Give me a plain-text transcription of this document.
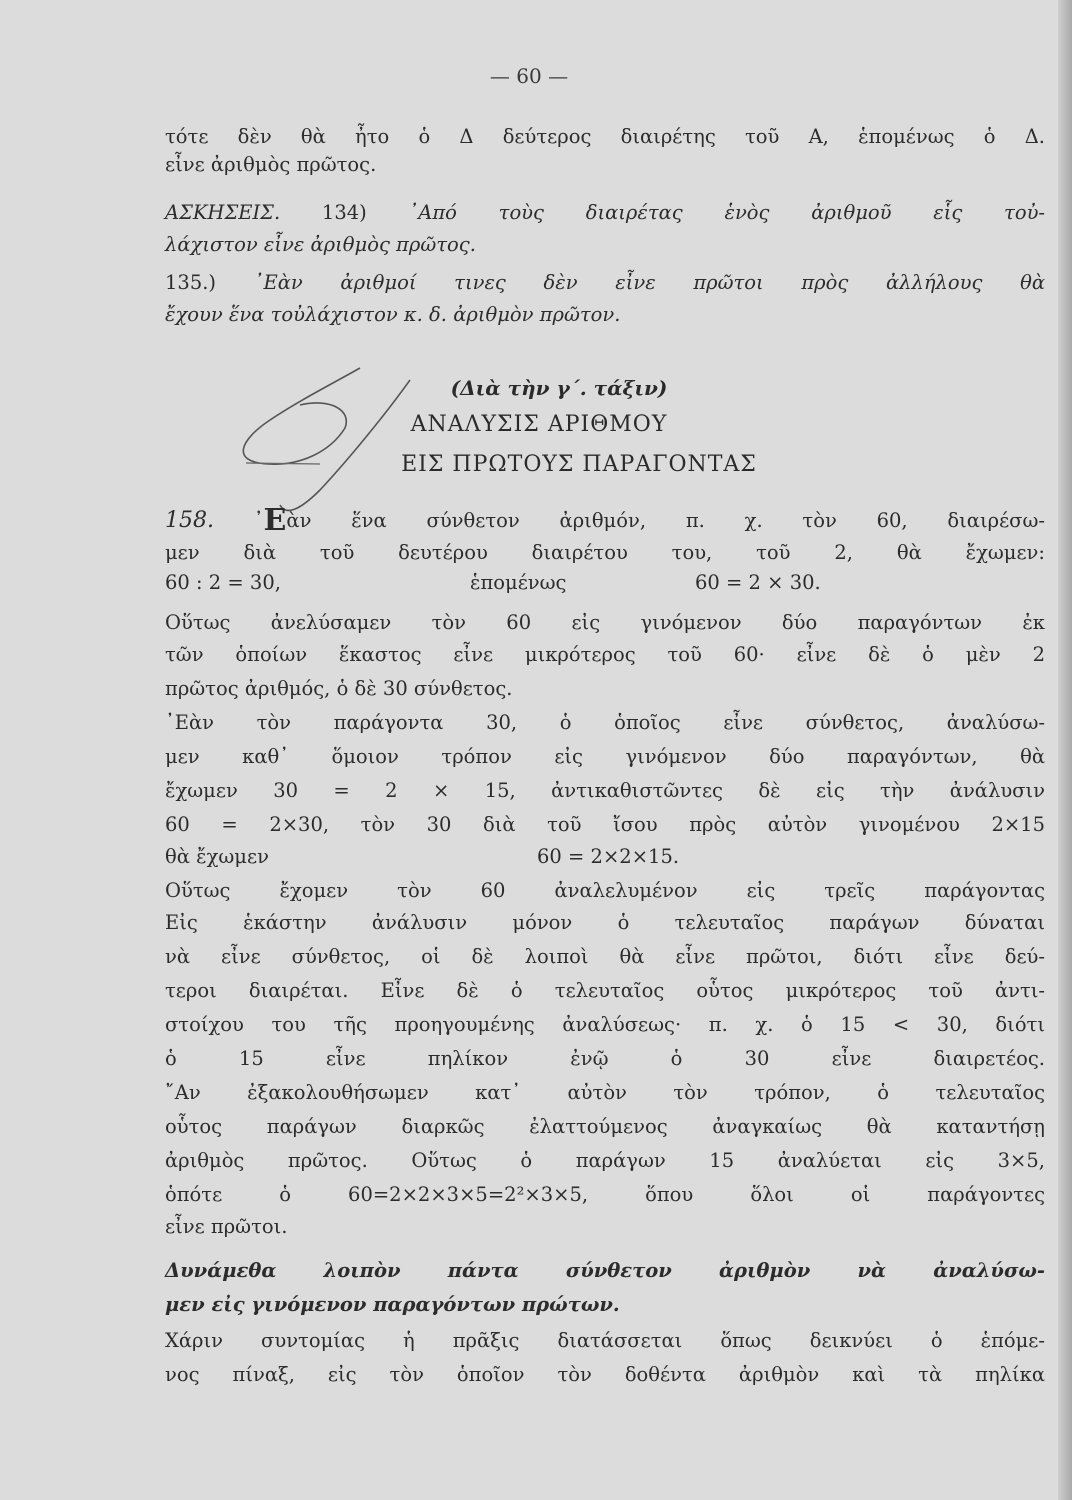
— 60 —
τότε δὲν θὰ ἦτο ὁ Δ δεύτερος διαιρέτης τοῦ Α, ἑπομένως ὁ Δ.
εἶνε ἀριθμὸς πρῶτος.
ΑΣΚΗΣΕΙΣ. 134) ᾿Από τοὺς διαιρέτας ἑνὸς ἀριθμοῦ εἷς τοὐ-
λάχιστον εἶνε ἀριθμὸς πρῶτος.
135.) ᾿Εὰν ἀριθμοί τινες δὲν εἶνε πρῶτοι πρὸς ἀλλήλους θὰ
ἔχουν ἕνα τοὐλάχιστον κ. δ. ἀριθμὸν πρῶτον.
(Διὰ τὴν γ΄. τάξιν)
ΑΝΑΛΥΣΙΣ ΑΡΙΘΜΟΥ
ΕΙΣ ΠΡΩΤΟΥΣ ΠΑΡΑΓΟΝΤΑΣ
158. ᾿Εὰν ἕνα σύνθετον ἀριθμόν, π. χ. τὸν 60, διαιρέσω-
μεν διὰ τοῦ δευτέρου διαιρέτου του, τοῦ 2, θὰ ἔχωμεν:
60 : 2 = 30,	ἑπομένως	60 = 2 × 30.
Οὕτως ἀνελύσαμεν τὸν 60 εἰς γινόμενον δύο παραγόντων ἐκ
τῶν ὁποίων ἕκαστος εἶνε μικρότερος τοῦ 60· εἶνε δὲ ὁ μὲν 2
πρῶτος ἀριθμός, ὁ δὲ 30 σύνθετος.
᾿Εὰν τὸν παράγοντα 30, ὁ ὁποῖος εἶνε σύνθετος, ἀναλύσω-
μεν καθ᾿ ὅμοιον τρόπον εἰς γινόμενον δύο παραγόντων, θὰ
ἔχωμεν 30 = 2 × 15, ἀντικαθιστῶντες δὲ εἰς τὴν ἀνάλυσιν
60 = 2×30, τὸν 30 διὰ τοῦ ἴσου πρὸς αὐτὸν γινομένου 2×15
θὰ ἔχωμεν	60 = 2×2×15.
Οὕτως ἔχομεν τὸν 60 ἀναλελυμένον εἰς τρεῖς παράγοντας
Εἰς ἑκάστην ἀνάλυσιν μόνον ὁ τελευταῖος παράγων δύναται
νὰ εἶνε σύνθετος, οἱ δὲ λοιποὶ θὰ εἶνε πρῶτοι, διότι εἶνε δεύ-
τεροι διαιρέται. Εἶνε δὲ ὁ τελευταῖος οὗτος μικρότερος τοῦ ἀντι-
στοίχου του τῆς προηγουμένης ἀναλύσεως· π. χ. ὁ 15 < 30, διότι
ὁ 15 εἶνε πηλίκον ἐνῷ ὁ 30 εἶνε διαιρετέος.
῎Αν ἐξακολουθήσωμεν κατ᾿ αὐτὸν τὸν τρόπον, ὁ τελευταῖος
οὗτος παράγων διαρκῶς ἐλαττούμενος ἀναγκαίως θὰ καταντήσῃ
ἀριθμὸς πρῶτος. Οὕτως ὁ παράγων 15 ἀναλύεται εἰς 3×5,
ὁπότε ὁ 60=2×2×3×5=2²×3×5, ὅπου ὅλοι οἱ παράγοντες
εἶνε πρῶτοι.
Δυνάμεθα λοιπὸν πάντα σύνθετον ἀριθμὸν νὰ ἀναλύσω-
μεν εἰς γινόμενον παραγόντων πρώτων.
Χάριν συντομίας ἡ πρᾶξις διατάσσεται ὅπως δεικνύει ὁ ἑπόμε-
νος πίναξ, εἰς τὸν ὁποῖον τὸν δοθέντα ἀριθμὸν καὶ τὰ πηλίκα
